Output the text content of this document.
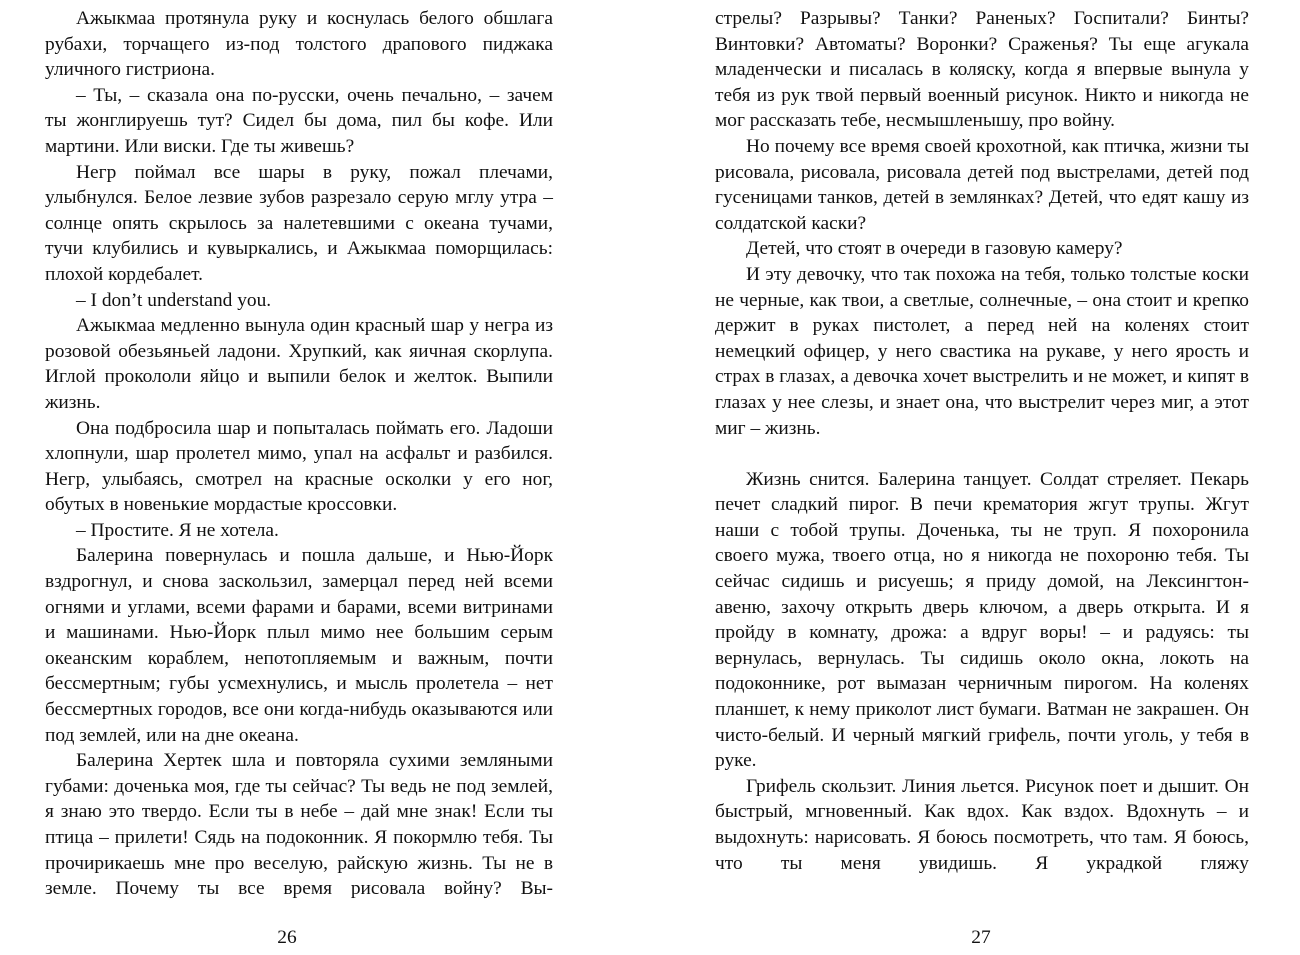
Ажыкмаа протянула руку и коснулась белого обшлага рубахи, торчащего из-под толстого драпового пиджака уличного гистриона.

– Ты, – сказала она по-русски, очень печально, – зачем ты жонглируешь тут? Сидел бы дома, пил бы кофе. Или мартини. Или виски. Где ты живешь?

Негр поймал все шары в руку, пожал плечами, улыбнулся. Белое лезвие зубов разрезало серую мглу утра – солнце опять скрылось за налетевшими с океана тучами, тучи клубились и кувыркались, и Ажыкмаа поморщилась: плохой кордебалет.

– I don’t understand you.

Ажыкмаа медленно вынула один красный шар у негра из розовой обезьяньей ладони. Хрупкий, как яичная скорлупа. Иглой прокололи яйцо и выпили белок и желток. Выпили жизнь.

Она подбросила шар и попыталась поймать его. Ладоши хлопнули, шар пролетел мимо, упал на асфальт и разбился. Негр, улыбаясь, смотрел на красные осколки у его ног, обутых в новенькие мордастые кроссовки.

– Простите. Я не хотела.

Балерина повернулась и пошла дальше, и Нью-Йорк вздрогнул, и снова заскользил, замерцал перед ней всеми огнями и углами, всеми фарами и барами, всеми витринами и машинами. Нью-Йорк плыл мимо нее большим серым океанским кораблем, непотопляемым и важным, почти бессмертным; губы усмехнулись, и мысль пролетела – нет бессмертных городов, все они когда-нибудь оказываются или под землей, или на дне океана.

Балерина Хертек шла и повторяла сухими земляными губами: доченька моя, где ты сейчас? Ты ведь не под землей, я знаю это твердо. Если ты в небе – дай мне знак! Если ты птица – прилети! Сядь на подоконник. Я покормлю тебя. Ты прочирикаешь мне про веселую, райскую жизнь. Ты не в земле. Почему ты все время рисовала войну? Вы-

26

стрелы? Разрывы? Танки? Раненых? Госпитали? Бинты? Винтовки? Автоматы? Воронки? Сраженья? Ты еще агукала младенчески и писалась в коляску, когда я впервые вынула у тебя из рук твой первый военный рисунок. Никто и никогда не мог рассказать тебе, несмышленышу, про войну.

Но почему все время своей крохотной, как птичка, жизни ты рисовала, рисовала, рисовала детей под выстрелами, детей под гусеницами танков, детей в землянках? Детей, что едят кашу из солдатской каски?

Детей, что стоят в очереди в газовую камеру?

И эту девочку, что так похожа на тебя, только толстые коски не черные, как твои, а светлые, солнечные, – она стоит и крепко держит в руках пистолет, а перед ней на коленях стоит немецкий офицер, у него свастика на рукаве, у него ярость и страх в глазах, а девочка хочет выстрелить и не может, и кипят в глазах у нее слезы, и знает она, что выстрелит через миг, а этот миг – жизнь.

Жизнь снится. Балерина танцует. Солдат стреляет. Пекарь печет сладкий пирог. В печи крематория жгут трупы. Жгут наши с тобой трупы. Доченька, ты не труп. Я похоронила своего мужа, твоего отца, но я никогда не похороню тебя. Ты сейчас сидишь и рисуешь; я приду домой, на Лексингтон-авеню, захочу открыть дверь ключом, а дверь открыта. И я пройду в комнату, дрожа: а вдруг воры! – и радуясь: ты вернулась, вернулась. Ты сидишь около окна, локоть на подоконнике, рот вымазан черничным пирогом. На коленях планшет, к нему приколот лист бумаги. Ватман не закрашен. Он чисто-белый. И черный мягкий грифель, почти уголь, у тебя в руке.

Грифель скользит. Линия льется. Рисунок поет и дышит. Он быстрый, мгновенный. Как вдох. Как вздох. Вдохнуть – и выдохнуть: нарисовать. Я боюсь посмотреть, что там. Я боюсь, что ты меня увидишь. Я украдкой гляжу

27
